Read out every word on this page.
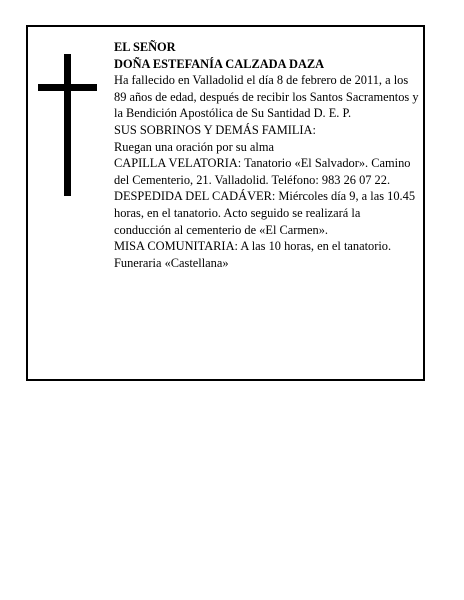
EL SEÑOR

DOÑA ESTEFANÍA CALZADA DAZA

Ha fallecido en Valladolid el día 8 de febrero de 2011, a los 89 años de edad, después de recibir los Santos Sacramentos y la Bendición Apostólica de Su Santidad D. E. P.

SUS SOBRINOS Y DEMÁS FAMILIA:

Ruegan una oración por su alma

CAPILLA VELATORIA: Tanatorio «El Salvador». Camino del Cementerio, 21. Valladolid. Teléfono: 983 26 07 22.

DESPEDIDA DEL CADÁVER: Miércoles día 9, a las 10.45 horas, en el tanatorio. Acto seguido se realizará la conducción al cementerio de «El Carmen».

MISA COMUNITARIA: A las 10 horas, en el tanatorio.

Funeraria «Castellana»
